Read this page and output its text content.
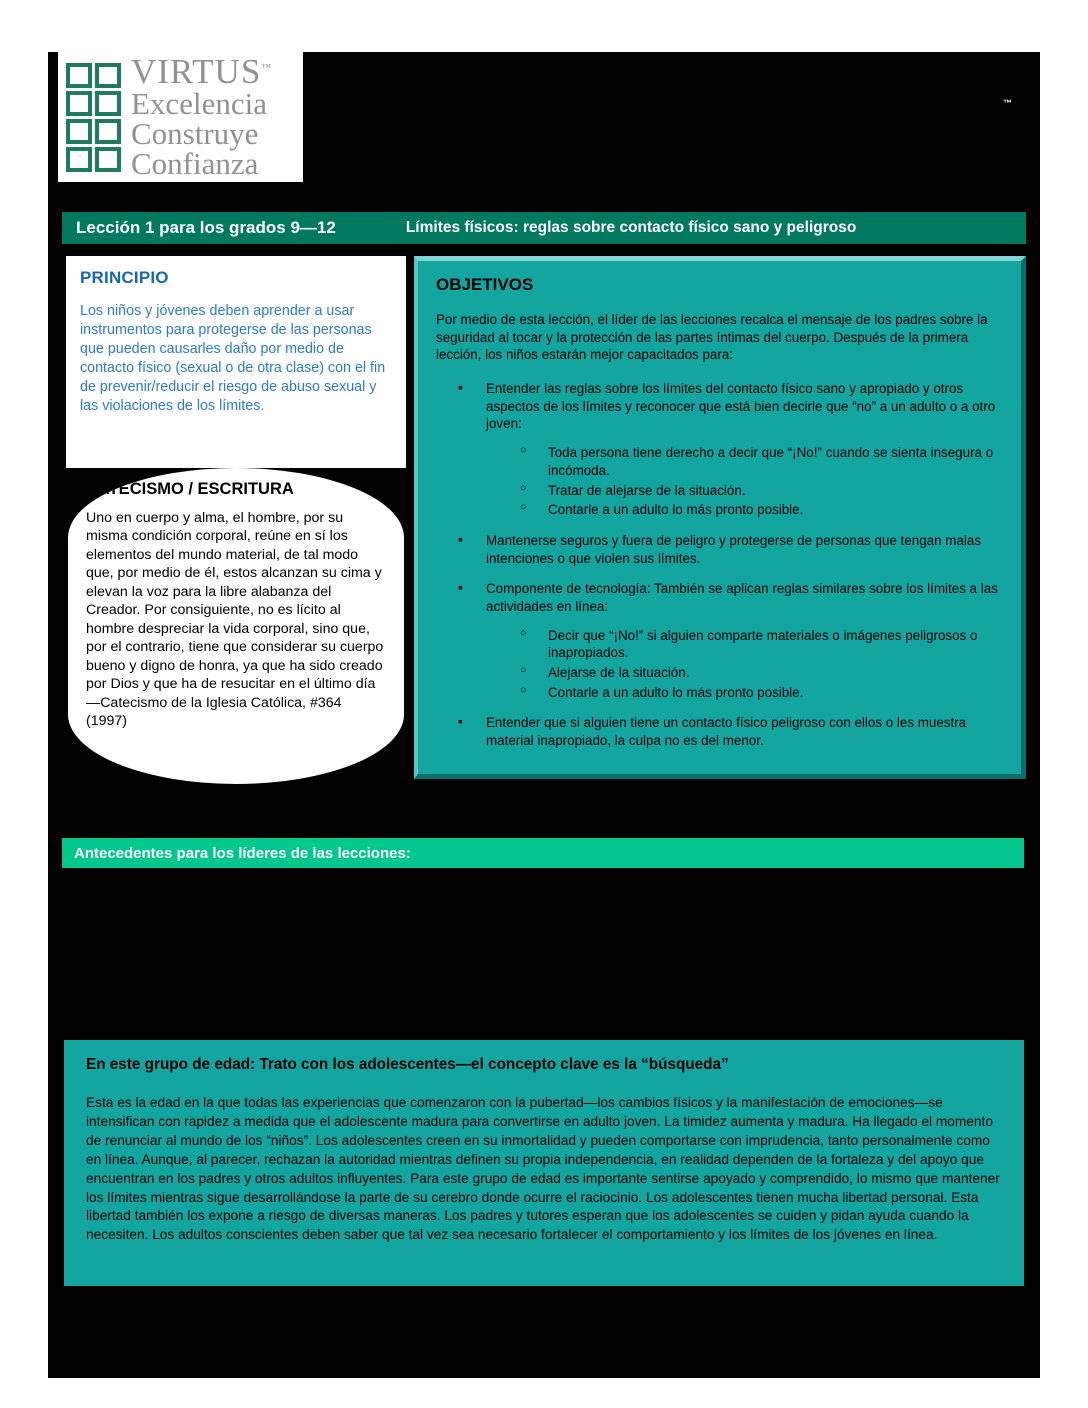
VIRTUS™
Excelencia
Construye
Confianza
™
Lección 1 para los grados 9—12	Límites físicos: reglas sobre contacto físico sano y peligroso
PRINCIPIO

Los niños y jóvenes deben aprender a usar instrumentos para protegerse de las personas que pueden causarles daño por medio de contacto físico (sexual o de otra clase) con el fin de prevenir/reducir el riesgo de abuso sexual y las violaciones de los límites.

CATECISMO / ESCRITURA

Uno en cuerpo y alma, el hombre, por su misma condición corporal, reúne en sí los elementos del mundo material, de tal modo que, por medio de él, estos alcanzan su cima y elevan la voz para la libre alabanza del Creador. Por consiguiente, no es lícito al hombre despreciar la vida corporal, sino que, por el contrario, tiene que considerar su cuerpo bueno y digno de honra, ya que ha sido creado por Dios y que ha de resucitar en el último día

—Catecismo de la Iglesia Católica, #364
(1997)
OBJETIVOS

Por medio de esta lección, el líder de las lecciones recalca el mensaje de los padres sobre la seguridad al tocar y la protección de las partes íntimas del cuerpo. Después de la primera lección, los niños estarán mejor capacitados para:

▪ Entender las reglas sobre los límites del contacto físico sano y apropiado y otros aspectos de los límites y reconocer que está bien decirle que “no” a un adulto o a otro joven:
○ Toda persona tiene derecho a decir que “¡No!” cuando se sienta insegura o incómoda.
○ Tratar de alejarse de la situación.
○ Contarle a un adulto lo más pronto posible.
▪ Mantenerse seguros y fuera de peligro y protegerse de personas que tengan malas intenciones o que violen sus límites.
▪ Componente de tecnología: También se aplican reglas similares sobre los límites a las actividades en línea:
○ Decir que “¡No!” si alguien comparte materiales o imágenes peligrosos o inapropiados.
○ Alejarse de la situación.
○ Contarle a un adulto lo más pronto posible.
▪ Entender que si alguien tiene un contacto físico peligroso con ellos o les muestra material inapropiado, la culpa no es del menor.
Antecedentes para los líderes de las lecciones:
En este grupo de edad: Trato con los adolescentes—el concepto clave es la “búsqueda”

Esta es la edad en la que todas las experiencias que comenzaron con la pubertad—los cambios físicos y la manifestación de emociones—se intensifican con rapidez a medida que el adolescente madura para convertirse en adulto joven. La timidez aumenta y madura. Ha llegado el momento de renunciar al mundo de los “niños”. Los adolescentes creen en su inmortalidad y pueden comportarse con imprudencia, tanto personalmente como en línea. Aunque, al parecer, rechazan la autoridad mientras definen su propia independencia, en realidad dependen de la fortaleza y del apoyo que encuentran en los padres y otros adultos influyentes. Para este grupo de edad es importante sentirse apoyado y comprendido, lo mismo que mantener los límites mientras sigue desarrollándose la parte de su cerebro donde ocurre el raciocinio. Los adolescentes tienen mucha libertad personal. Esta libertad también los expone a riesgo de diversas maneras. Los padres y tutores esperan que los adolescentes se cuiden y pidan ayuda cuando la necesiten. Los adultos conscientes deben saber que tal vez sea necesario fortalecer el comportamiento y los límites de los jóvenes en línea.
